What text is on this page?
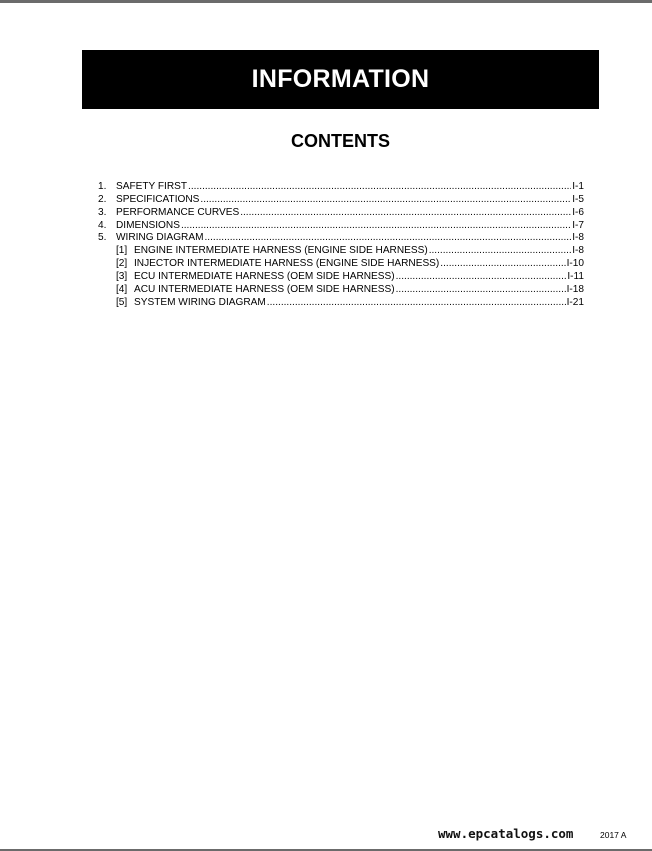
INFORMATION
CONTENTS
1. SAFETY FIRST .....	I-1
2. SPECIFICATIONS .....	I-5
3. PERFORMANCE CURVES .....	I-6
4. DIMENSIONS .....	I-7
5. WIRING DIAGRAM .....	I-8
[1] ENGINE INTERMEDIATE HARNESS (ENGINE SIDE HARNESS) .....	I-8
[2] INJECTOR INTERMEDIATE HARNESS (ENGINE SIDE HARNESS) .....	I-10
[3] ECU INTERMEDIATE HARNESS (OEM SIDE HARNESS) .....	I-11
[4] ACU INTERMEDIATE HARNESS (OEM SIDE HARNESS) .....	I-18
[5] SYSTEM WIRING DIAGRAM .....	I-21
2017 A
www.epcatalogs.com
